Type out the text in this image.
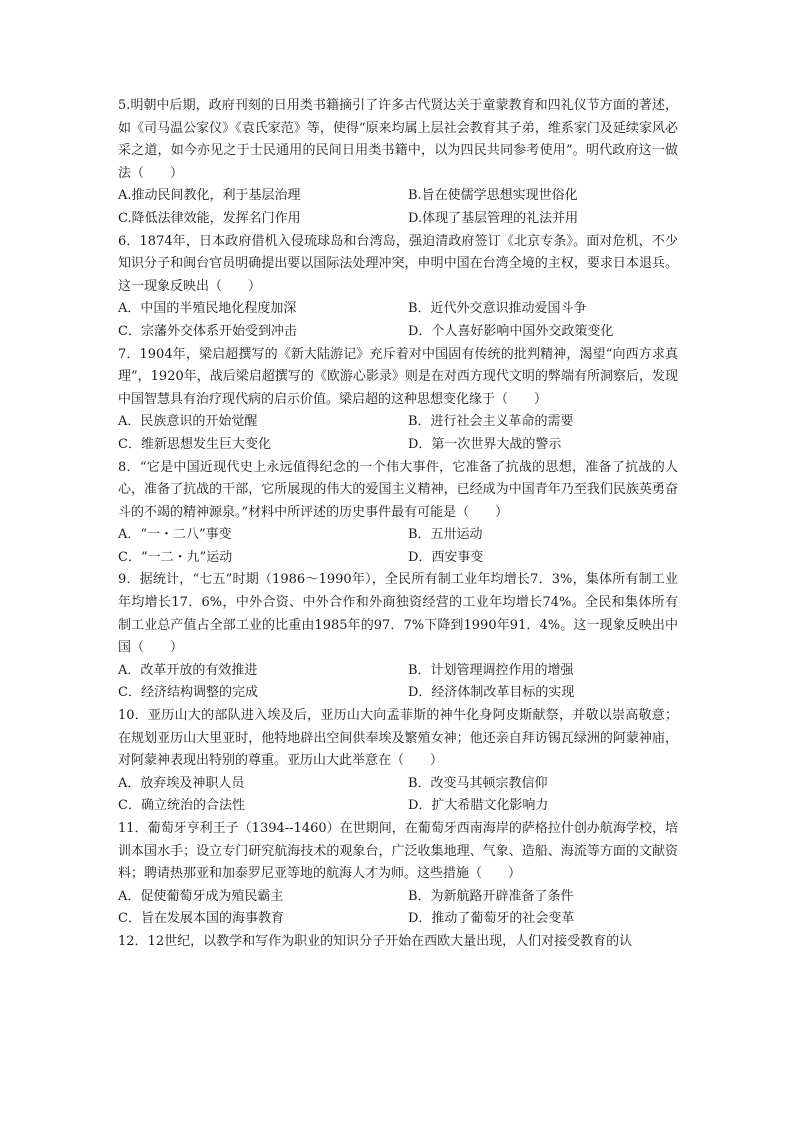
5.明朝中后期，政府刊刻的日用类书籍摘引了许多古代贤达关于童蒙教育和四礼仪节方面的著述，如《司马温公家仪》《袁氏家范》等，使得“原来均属上层社会教育其子弟，维系家门及延续家风必采之道，如今亦见之于士民通用的民间日用类书籍中，以为四民共同参考使用”。明代政府这一做法（　　）

A.推动民间教化，利于基层治理	B.旨在使儒学思想实现世俗化
C.降低法律效能，发挥名门作用	D.体现了基层管理的礼法并用

6．1874年，日本政府借机入侵琉球岛和台湾岛，强迫清政府签订《北京专条》。面对危机，不少知识分子和闽台官员明确提出要以国际法处理冲突，申明中国在台湾全境的主权，要求日本退兵。这一现象反映出（　　）

A．中国的半殖民地化程度加深	B．近代外交意识推动爱国斗争
C．宗藩外交体系开始受到冲击	D．个人喜好影响中国外交政策变化

7．1904年，梁启超撰写的《新大陆游记》充斥着对中国固有传统的批判精神，渴望“向西方求真理”，1920年，战后梁启超撰写的《欧游心影录》则是在对西方现代文明的弊端有所洞察后，发现中国智慧具有治疗现代病的启示价值。梁启超的这种思想变化缘于（　　）

A．民族意识的开始觉醒	B．进行社会主义革命的需要
C．维新思想发生巨大变化	D．第一次世界大战的警示

8．“它是中国近现代史上永远值得纪念的一个伟大事件，它准备了抗战的思想，准备了抗战的人心，准备了抗战的干部，它所展现的伟大的爱国主义精神，已经成为中国青年乃至我们民族英勇奋斗的不竭的精神源泉。”材料中所评述的历史事件最有可能是（　　）

A．“一・二八”事变	B．五卅运动
C．“一二・九”运动	D．西安事变

9．据统计，“七五”时期（1986～1990年），全民所有制工业年均增长7．3%，集体所有制工业年均增长17．6%，中外合资、中外合作和外商独资经营的工业年均增长74%。全民和集体所有制工业总产值占全部工业的比重由1985年的97．7%下降到1990年91．4%。这一现象反映出中国（　　）

A．改革开放的有效推进	B．计划管理调控作用的增强
C．经济结构调整的完成	D．经济体制改革目标的实现

10．亚历山大的部队进入埃及后，亚历山大向孟菲斯的神牛化身阿皮斯献祭，并敬以崇高敬意；在规划亚历山大里亚时，他特地辟出空间供奉埃及繁殖女神；他还亲自拜访锡瓦绿洲的阿蒙神庙，对阿蒙神表现出特别的尊重。亚历山大此举意在（　　）

A．放弃埃及神职人员	B．改变马其顿宗教信仰
C．确立统治的合法性	D．扩大希腊文化影响力

11．葡萄牙亨利王子（1394--1460）在世期间，在葡萄牙西南海岸的萨格拉什创办航海学校，培训本国水手；设立专门研究航海技术的观象台，广泛收集地理、气象、造船、海流等方面的文献资料；聘请热那亚和加泰罗尼亚等地的航海人才为师。这些措施（　　）

A．促使葡萄牙成为殖民霸主	B．为新航路开辟准备了条件
C．旨在发展本国的海事教育	D．推动了葡萄牙的社会变革

12．12世纪，以教学和写作为职业的知识分子开始在西欧大量出现，人们对接受教育的认
